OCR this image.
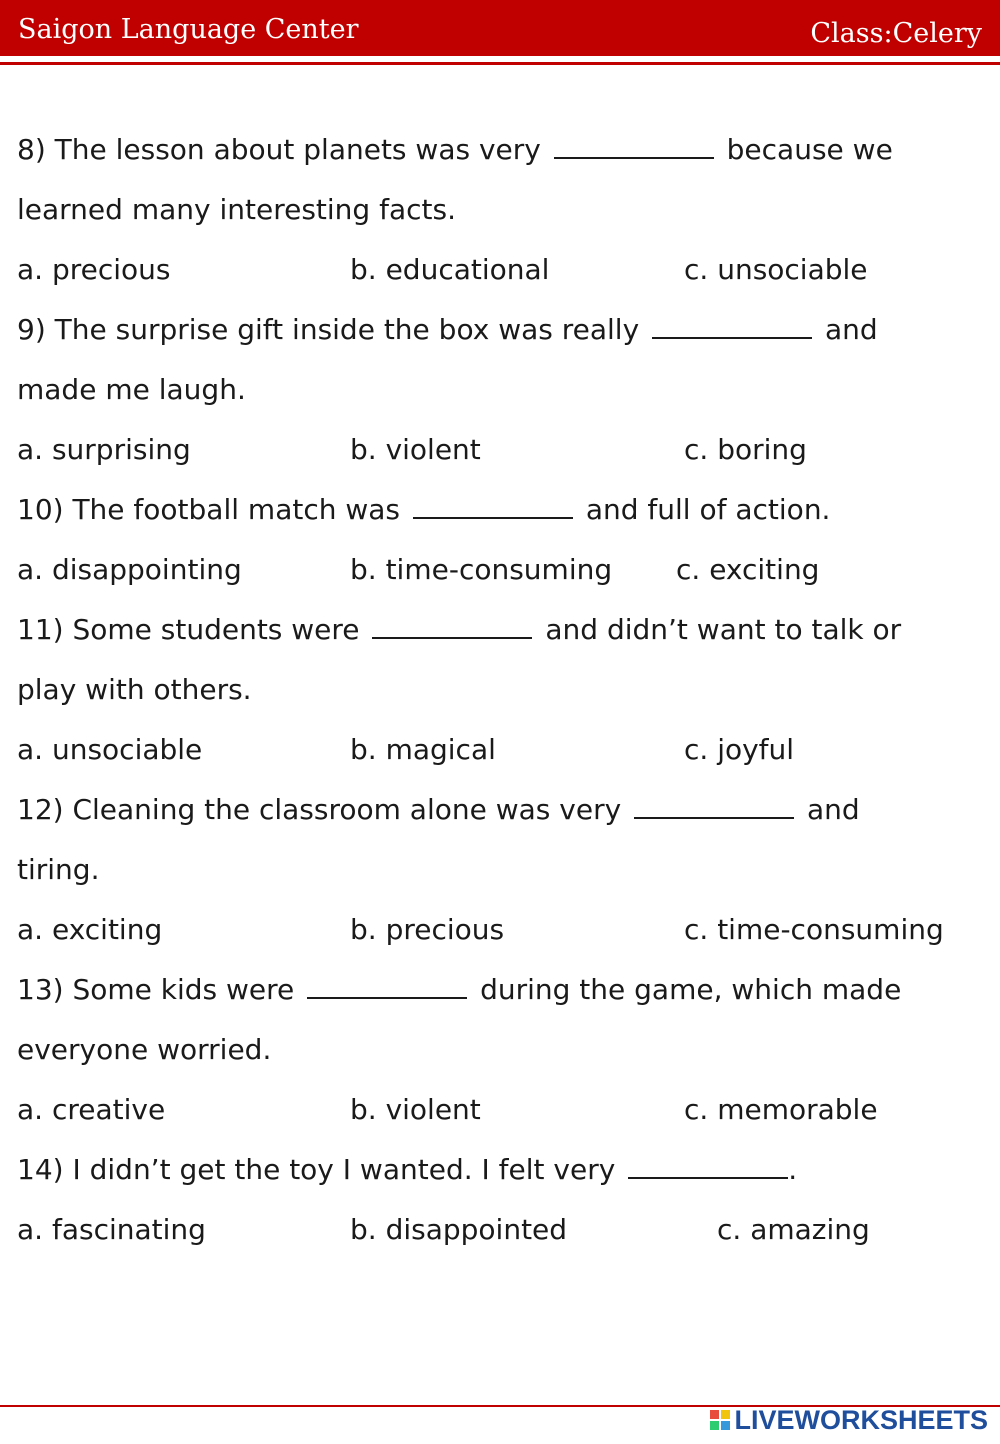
Saigon Language Center	Class:Celery
8) The lesson about planets was very	because we
learned many interesting facts.
a. precious	b. educational	c. unsociable
9) The surprise gift inside the box was really	and
made me laugh.
a. surprising	b. violent	c. boring
10) The football match was	and full of action.
a. disappointing	b. time-consuming c. exciting
11) Some students were	and didn’t want to talk or
play with others.
a. unsociable	b. magical	c. joyful
12) Cleaning the classroom alone was very	and
tiring.
a. exciting	b. precious	c. time-consuming
13) Some kids were	during the game, which made
everyone worried.
a. creative	b. violent	c. memorable
14) I didn’t get the toy I wanted. I felt very	.
a. fascinating	b. disappointed	c. amazing
LIVEWORKSHEETS
